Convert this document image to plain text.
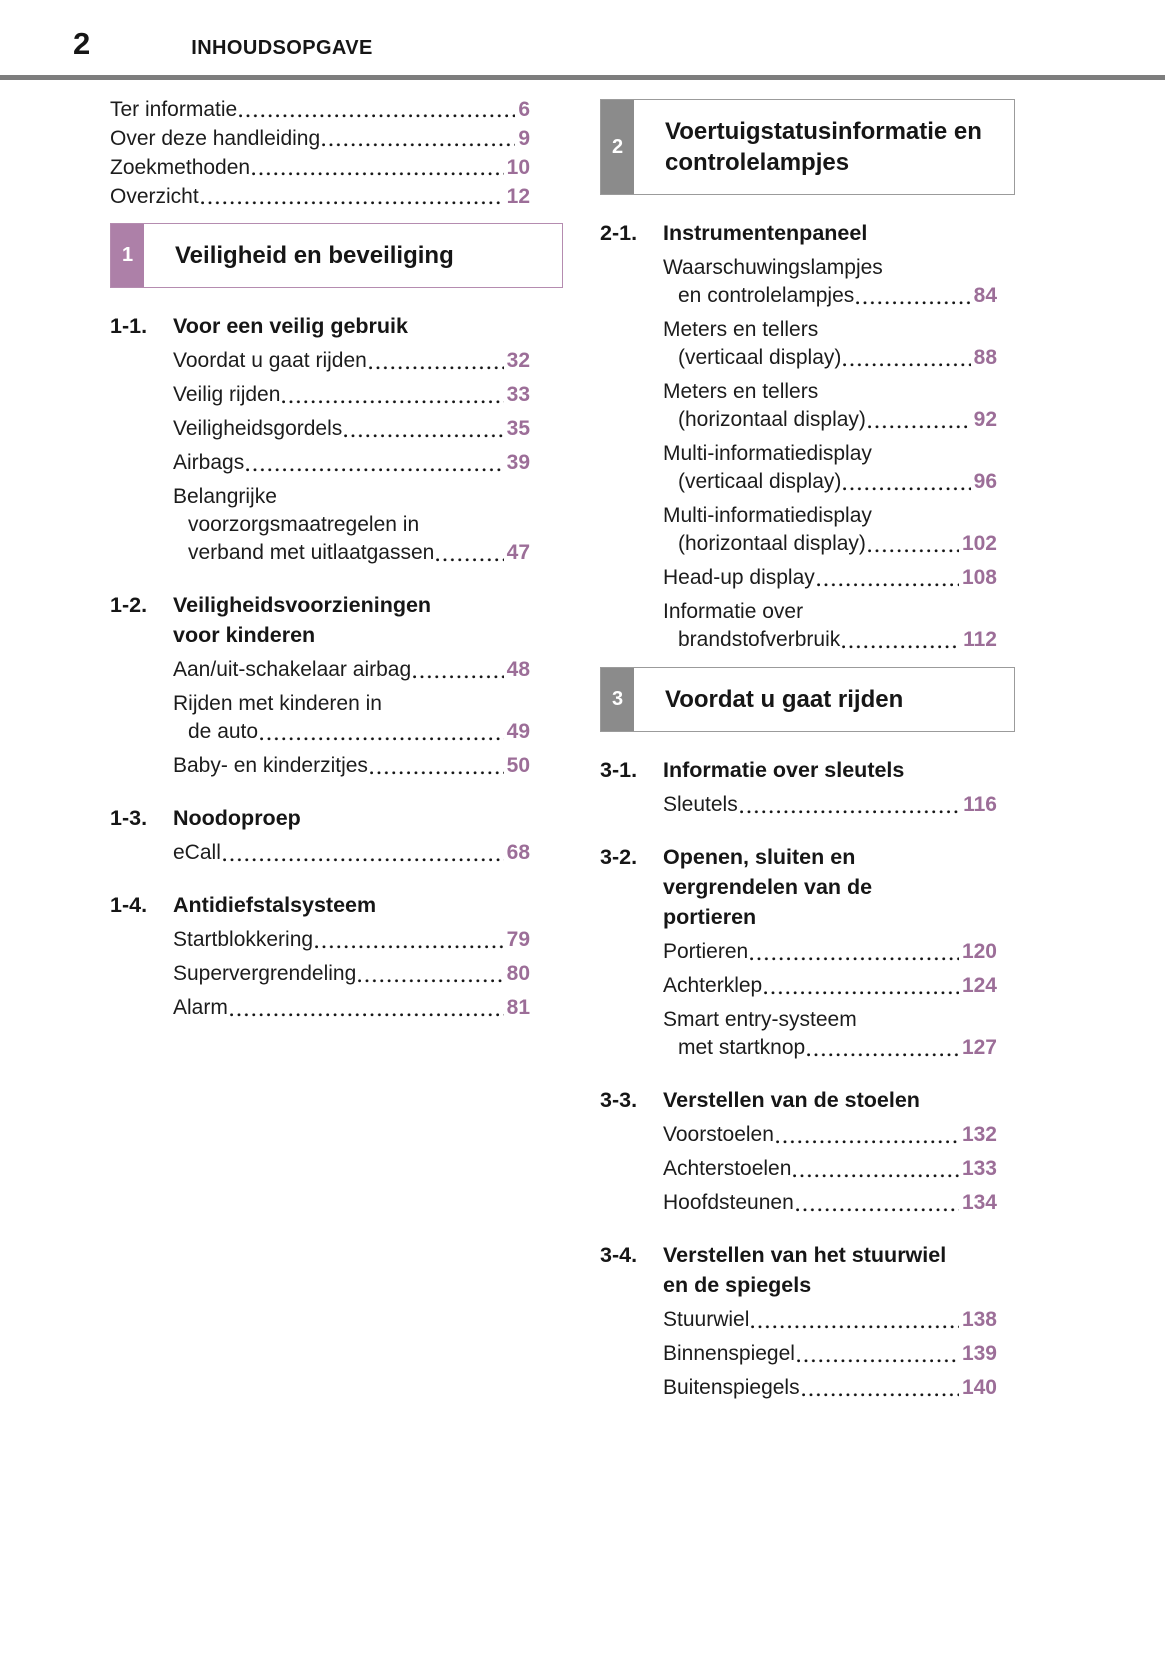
2	INHOUDSOPGAVE
Ter informatie	6
Over deze handleiding	9
Zoekmethoden	10
Overzicht	12
1	Veiligheid en beveiliging
1-1.	Voor een veilig gebruik
Voordat u gaat rijden	32
Veilig rijden	33
Veiligheidsgordels	35
Airbags	39
Belangrijke
voorzorgsmaatregelen in
verband met uitlaatgassen	47
1-2.	Veiligheidsvoorzieningen
voor kinderen
Aan/uit-schakelaar airbag	48
Rijden met kinderen in
de auto	49
Baby- en kinderzitjes	50
1-3.	Noodoproep
eCall	68
1-4.	Antidiefstalsysteem
Startblokkering	79
Supervergrendeling	80
Alarm	81
2
Voertuigstatusinformatie en
controlelampjes
2-1.	Instrumentenpaneel
Waarschuwingslampjes
en controlelampjes	84
Meters en tellers
(verticaal display)	88
Meters en tellers
(horizontaal display)	92
Multi-informatiedisplay
(verticaal display)	96
Multi-informatiedisplay
(horizontaal display)	102
Head-up display	108
Informatie over
brandstofverbruik	112
3	Voordat u gaat rijden
3-1.	Informatie over sleutels
Sleutels	116
3-2.	Openen, sluiten en
vergrendelen van de
portieren
Portieren	120
Achterklep	124
Smart entry-systeem
met startknop	127
3-3.	Verstellen van de stoelen
Voorstoelen	132
Achterstoelen	133
Hoofdsteunen	134
3-4.	Verstellen van het stuurwiel
en de spiegels
Stuurwiel	138
Binnenspiegel	139
Buitenspiegels	140
